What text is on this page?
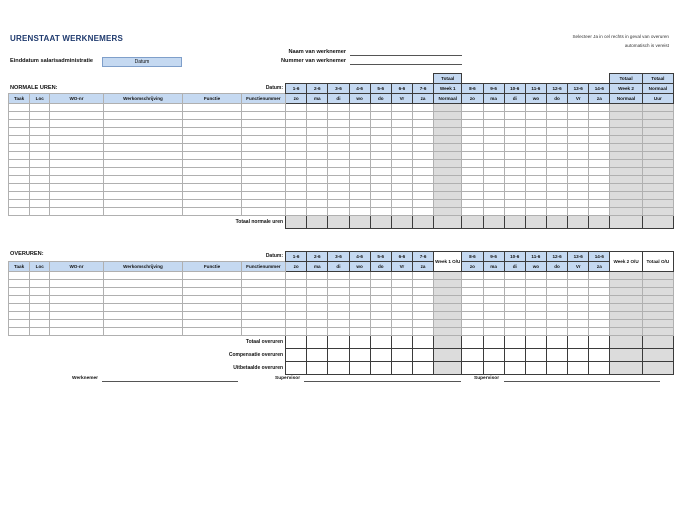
URENSTAAT WERKNEMERS	Selecteer Ja in cel rechts in geval van overuren
automatisch is vereist
Naam van werknemer
Nummer van werknemer
Einddatum salarisadministratie	Datum
NORMALE UREN:
OVERUREN:
													Totaal								Totaal	Totaal
					Datum:	1-6	2-6	3-6	4-6	5-6	6-6	7-6	Week 1	8-6	9-6	10-6	11-6	12-6	13-6	14-6	Week 2	Normaal
Taak	Loc	WO-nr	Werkomschrijving	Functie	Functienummer	zo	ma	di	wo	do	Vr	za	Normaal	zo	ma	di	wo	do	Vr	za	Normaal	Uur

Totaal normale uren																						
					Datum:	1-6	2-6	3-6	4-6	5-6	6-6	7-6	Week 1 O/U	8-6	9-6	10-6	11-6	12-6	13-6	14-6	Week 2 O/U	Totaal O/U
Taak	Loc	WO-nr	Werkomschrijving	Functie	Functienummer	zo	ma	di	wo	do	Vr	za		zo	ma	di	wo	do	Vr	za		

Totaal overuren																						
Compensatie overuren																						
Uitbetaalde overuren																						
Werknemer	Supervisor	Supervisor
